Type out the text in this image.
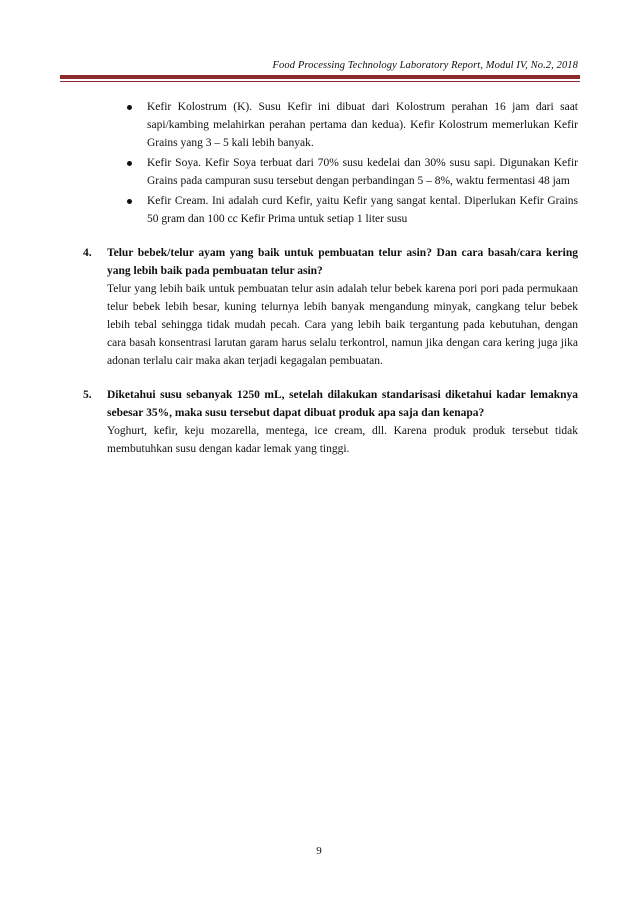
Food Processing Technology Laboratory Report, Modul IV, No.2, 2018
Kefir Kolostrum (K). Susu Kefir ini dibuat dari Kolostrum perahan 16 jam dari saat sapi/kambing melahirkan perahan pertama dan kedua). Kefir Kolostrum memerlukan Kefir Grains yang 3 – 5 kali lebih banyak.
Kefir Soya. Kefir Soya terbuat dari 70% susu kedelai dan 30% susu sapi. Digunakan Kefir Grains pada campuran susu tersebut dengan perbandingan 5 – 8%, waktu fermentasi 48 jam
Kefir Cream. Ini adalah curd Kefir, yaitu Kefir yang sangat kental. Diperlukan Kefir Grains 50 gram dan 100 cc Kefir Prima untuk setiap 1 liter susu
4. Telur bebek/telur ayam yang baik untuk pembuatan telur asin? Dan cara basah/cara kering yang lebih baik pada pembuatan telur asin?
Telur yang lebih baik untuk pembuatan telur asin adalah telur bebek karena pori pori pada permukaan telur bebek lebih besar, kuning telurnya lebih banyak mengandung minyak, cangkang telur bebek lebih tebal sehingga tidak mudah pecah. Cara yang lebih baik tergantung pada kebutuhan, dengan cara basah konsentrasi larutan garam harus selalu terkontrol, namun jika dengan cara kering juga jika adonan terlalu cair maka akan terjadi kegagalan pembuatan.
5. Diketahui susu sebanyak 1250 mL, setelah dilakukan standarisasi diketahui kadar lemaknya sebesar 35%, maka susu tersebut dapat dibuat produk apa saja dan kenapa?
Yoghurt, kefir, keju mozarella, mentega, ice cream, dll. Karena produk produk tersebut tidak membutuhkan susu dengan kadar lemak yang tinggi.
9
